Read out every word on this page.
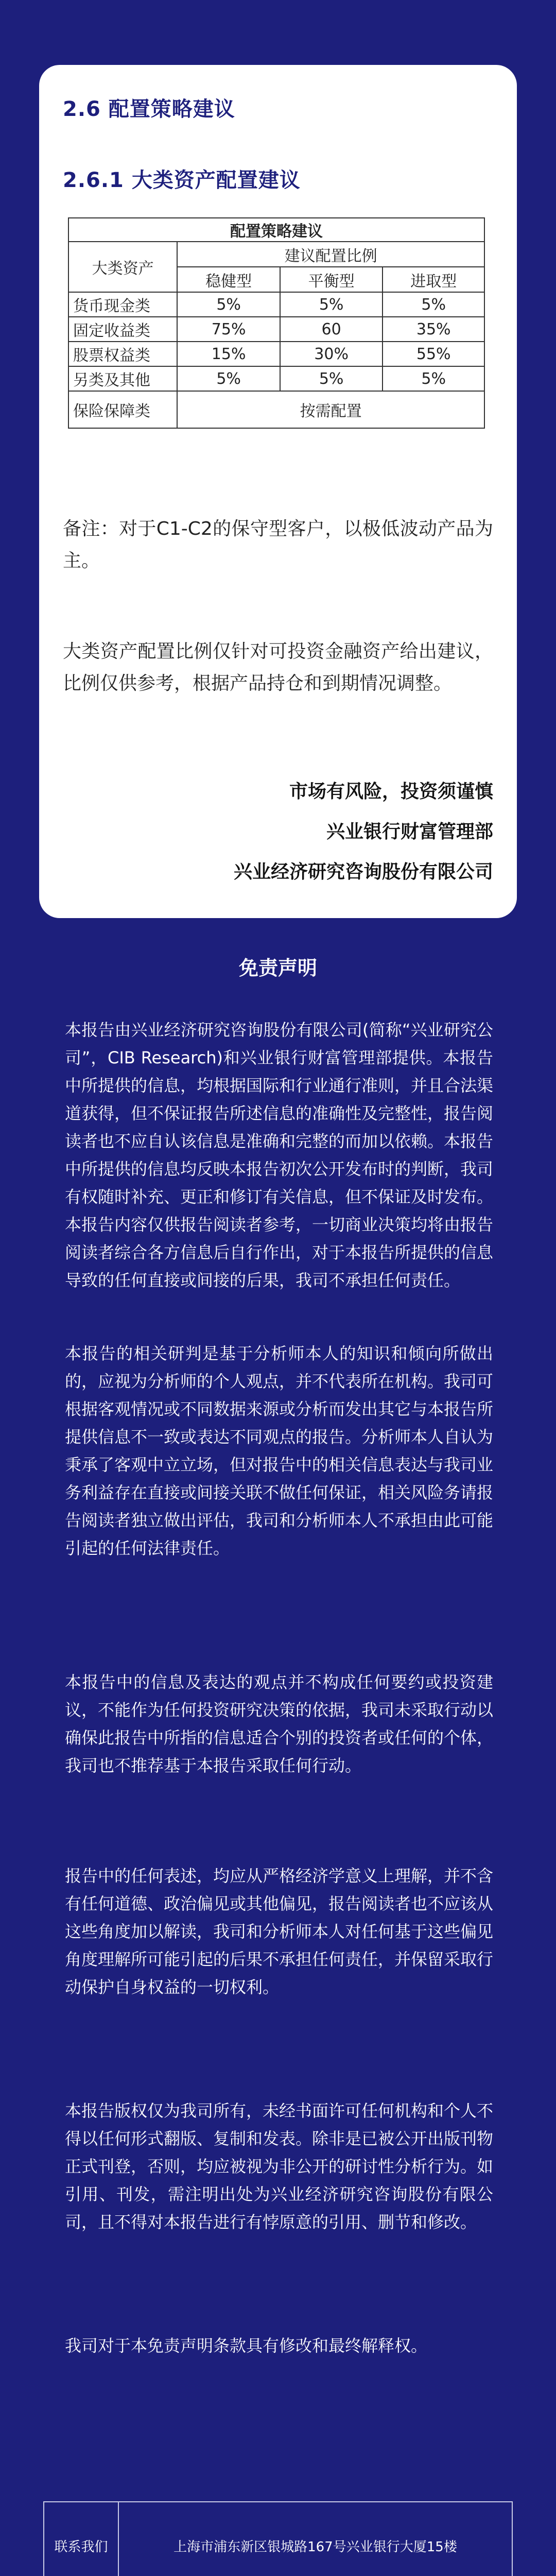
2.6 配置策略建议
2.6.1 大类资产配置建议
配置策略建议			
大类资产	建议配置比例		
	稳健型	平衡型	进取型
货币现金类	5%	5%	5%
固定收益类	75%	60	35%
股票权益类	15%	30%	55%
另类及其他	5%	5%	5%
保险保障类	按需配置		

备注：对于C1-C2的保守型客户，以极低波动产品为主。

大类资产配置比例仅针对可投资金融资产给出建议，比例仅供参考，根据产品持仓和到期情况调整。

市场有风险，投资须谨慎

兴业银行财富管理部

兴业经济研究咨询股份有限公司

免责声明

本报告由兴业经济研究咨询股份有限公司(简称“兴业研究公司”，CIB Research)和兴业银行财富管理部提供。本报告中所提供的信息，均根据国际和行业通行准则，并且合法渠道获得，但不保证报告所述信息的准确性及完整性，报告阅读者也不应自认该信息是准确和完整的而加以依赖。本报告中所提供的信息均反映本报告初次公开发布时的判断，我司有权随时补充、更正和修订有关信息，但不保证及时发布。本报告内容仅供报告阅读者参考，一切商业决策均将由报告阅读者综合各方信息后自行作出，对于本报告所提供的信息导致的任何直接或间接的后果，我司不承担任何责任。

本报告的相关研判是基于分析师本人的知识和倾向所做出的，应视为分析师的个人观点，并不代表所在机构。我司可根据客观情况或不同数据来源或分析而发出其它与本报告所提供信息不一致或表达不同观点的报告。分析师本人自认为秉承了客观中立立场，但对报告中的相关信息表达与我司业务利益存在直接或间接关联不做任何保证，相关风险务请报告阅读者独立做出评估，我司和分析师本人不承担由此可能引起的任何法律责任。

本报告中的信息及表达的观点并不构成任何要约或投资建议，不能作为任何投资研究决策的依据，我司未采取行动以确保此报告中所指的信息适合个别的投资者或任何的个体，我司也不推荐基于本报告采取任何行动。

报告中的任何表述，均应从严格经济学意义上理解，并不含有任何道德、政治偏见或其他偏见，报告阅读者也不应该从这些角度加以解读，我司和分析师本人对任何基于这些偏见角度理解所可能引起的后果不承担任何责任，并保留采取行动保护自身权益的一切权利。

本报告版权仅为我司所有，未经书面许可任何机构和个人不得以任何形式翻版、复制和发表。除非是已被公开出版刊物正式刊登，否则，均应被视为非公开的研讨性分析行为。如引用、刊发，需注明出处为兴业经济研究咨询股份有限公司，且不得对本报告进行有悖原意的引用、删节和修改。

我司对于本免责声明条款具有修改和最终解释权。

联系我们	上海市浦东新区银城路167号兴业银行大厦15楼		
